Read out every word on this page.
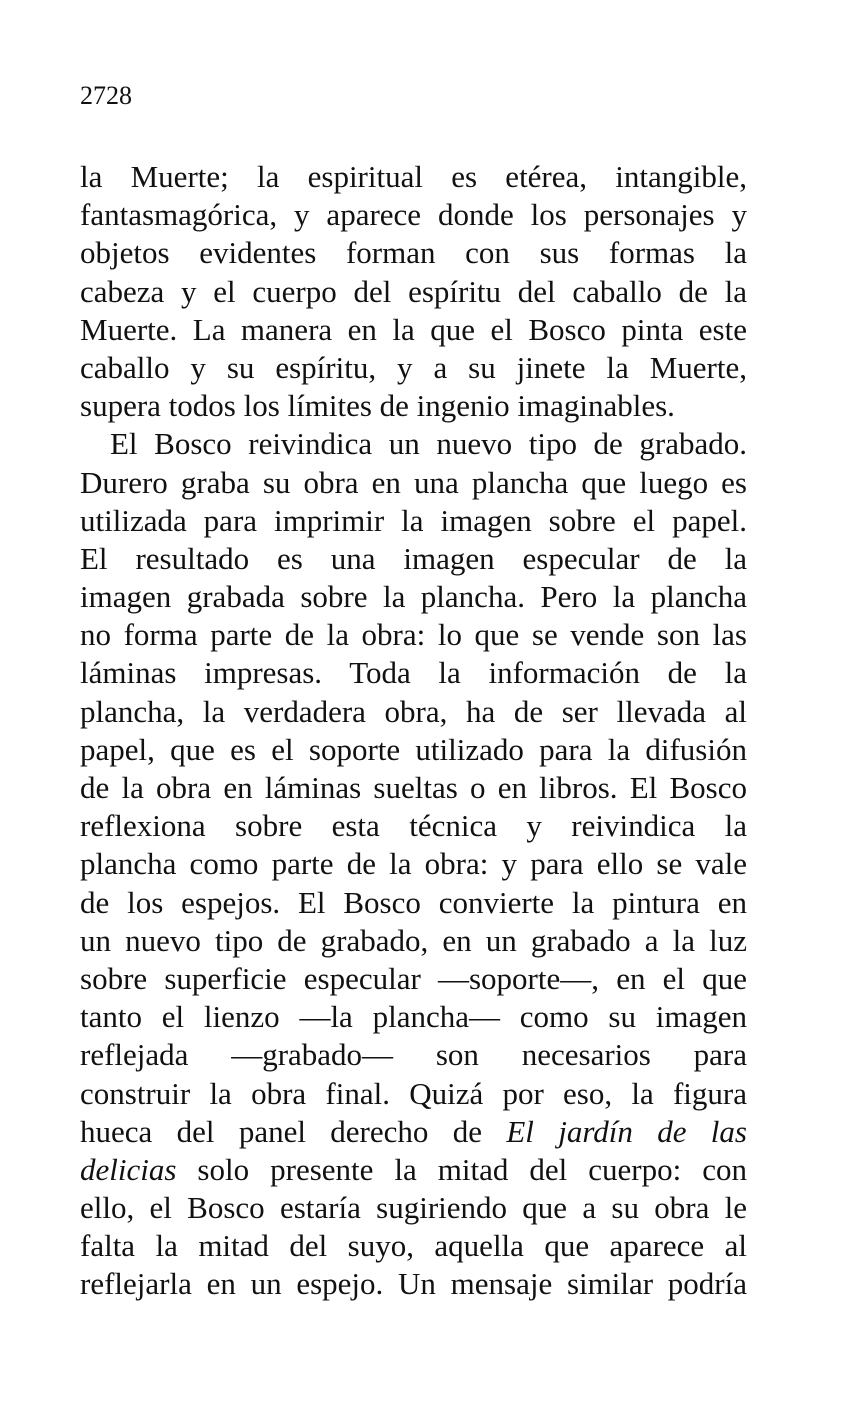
2728
la Muerte; la espiritual es etérea, intangible,
fantasmagórica, y aparece donde los personajes y
objetos evidentes forman con sus formas la
cabeza y el cuerpo del espíritu del caballo de la
Muerte. La manera en la que el Bosco pinta este
caballo y su espíritu, y a su jinete la Muerte,
supera todos los límites de ingenio imaginables.
El Bosco reivindica un nuevo tipo de grabado.
Durero graba su obra en una plancha que luego es
utilizada para imprimir la imagen sobre el papel.
El resultado es una imagen especular de la
imagen grabada sobre la plancha. Pero la plancha
no forma parte de la obra: lo que se vende son las
láminas impresas. Toda la información de la
plancha, la verdadera obra, ha de ser llevada al
papel, que es el soporte utilizado para la difusión
de la obra en láminas sueltas o en libros. El Bosco
reflexiona sobre esta técnica y reivindica la
plancha como parte de la obra: y para ello se vale
de los espejos. El Bosco convierte la pintura en
un nuevo tipo de grabado, en un grabado a la luz
sobre superficie especular —soporte—, en el que
tanto el lienzo —la plancha— como su imagen
reflejada —grabado— son necesarios para
construir la obra final. Quizá por eso, la figura
hueca del panel derecho de El jardín de las
delicias solo presente la mitad del cuerpo: con
ello, el Bosco estaría sugiriendo que a su obra le
falta la mitad del suyo, aquella que aparece al
reflejarla en un espejo. Un mensaje similar podría
